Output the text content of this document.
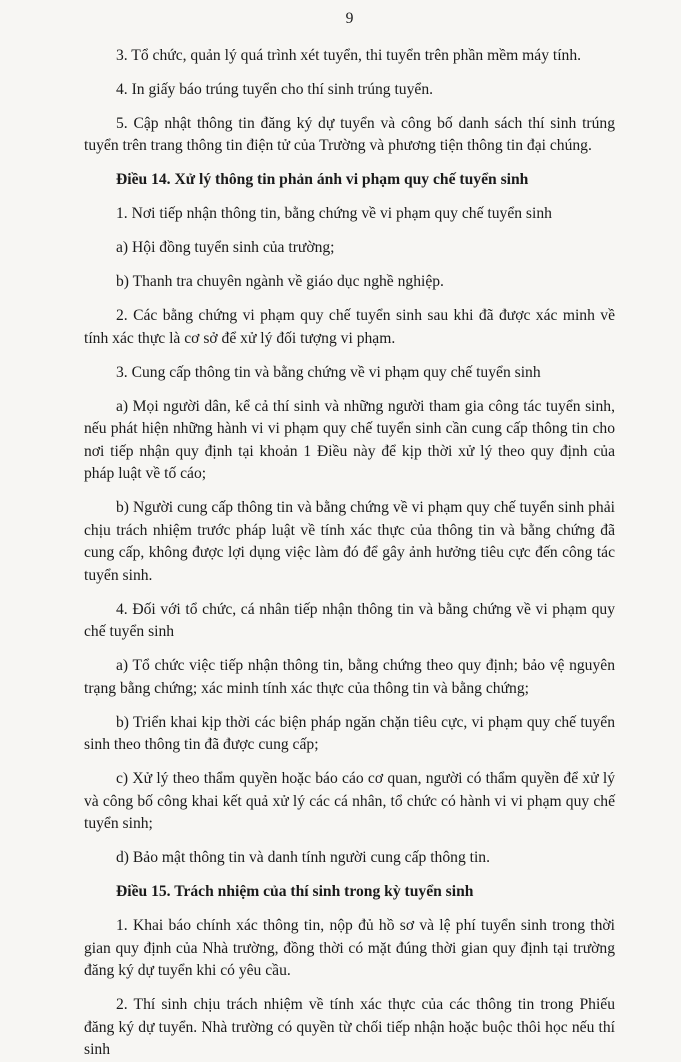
9

3. Tổ chức, quản lý quá trình xét tuyển, thi tuyển trên phần mềm máy tính.

4. In giấy báo trúng tuyển cho thí sinh trúng tuyển.

5. Cập nhật thông tin đăng ký dự tuyển và công bố danh sách thí sinh trúng tuyển trên trang thông tin điện tử của Trường và phương tiện thông tin đại chúng.

Điều 14. Xử lý thông tin phản ánh vi phạm quy chế tuyển sinh

1. Nơi tiếp nhận thông tin, bằng chứng về vi phạm quy chế tuyển sinh

a) Hội đồng tuyển sinh của trường;

b) Thanh tra chuyên ngành về giáo dục nghề nghiệp.

2. Các bằng chứng vi phạm quy chế tuyển sinh sau khi đã được xác minh về tính xác thực là cơ sở để xử lý đối tượng vi phạm.

3. Cung cấp thông tin và bằng chứng về vi phạm quy chế tuyển sinh

a) Mọi người dân, kể cả thí sinh và những người tham gia công tác tuyển sinh, nếu phát hiện những hành vi vi phạm quy chế tuyển sinh cần cung cấp thông tin cho nơi tiếp nhận quy định tại khoản 1 Điều này để kịp thời xử lý theo quy định của pháp luật về tố cáo;

b) Người cung cấp thông tin và bằng chứng về vi phạm quy chế tuyển sinh phải chịu trách nhiệm trước pháp luật về tính xác thực của thông tin và bằng chứng đã cung cấp, không được lợi dụng việc làm đó để gây ảnh hưởng tiêu cực đến công tác tuyển sinh.

4. Đối với tổ chức, cá nhân tiếp nhận thông tin và bằng chứng về vi phạm quy chế tuyển sinh

a) Tổ chức việc tiếp nhận thông tin, bằng chứng theo quy định; bảo vệ nguyên trạng bằng chứng; xác minh tính xác thực của thông tin và bằng chứng;

b) Triển khai kịp thời các biện pháp ngăn chặn tiêu cực, vi phạm quy chế tuyển sinh theo thông tin đã được cung cấp;

c) Xử lý theo thẩm quyền hoặc báo cáo cơ quan, người có thẩm quyền để xử lý và công bố công khai kết quả xử lý các cá nhân, tổ chức có hành vi vi phạm quy chế tuyển sinh;

d) Bảo mật thông tin và danh tính người cung cấp thông tin.

Điều 15. Trách nhiệm của thí sinh trong kỳ tuyển sinh

1. Khai báo chính xác thông tin, nộp đủ hồ sơ và lệ phí tuyển sinh trong thời gian quy định của Nhà trường, đồng thời có mặt đúng thời gian quy định tại trường đăng ký dự tuyển khi có yêu cầu.

2. Thí sinh chịu trách nhiệm về tính xác thực của các thông tin trong Phiếu đăng ký dự tuyển. Nhà trường có quyền từ chối tiếp nhận hoặc buộc thôi học nếu thí sinh
